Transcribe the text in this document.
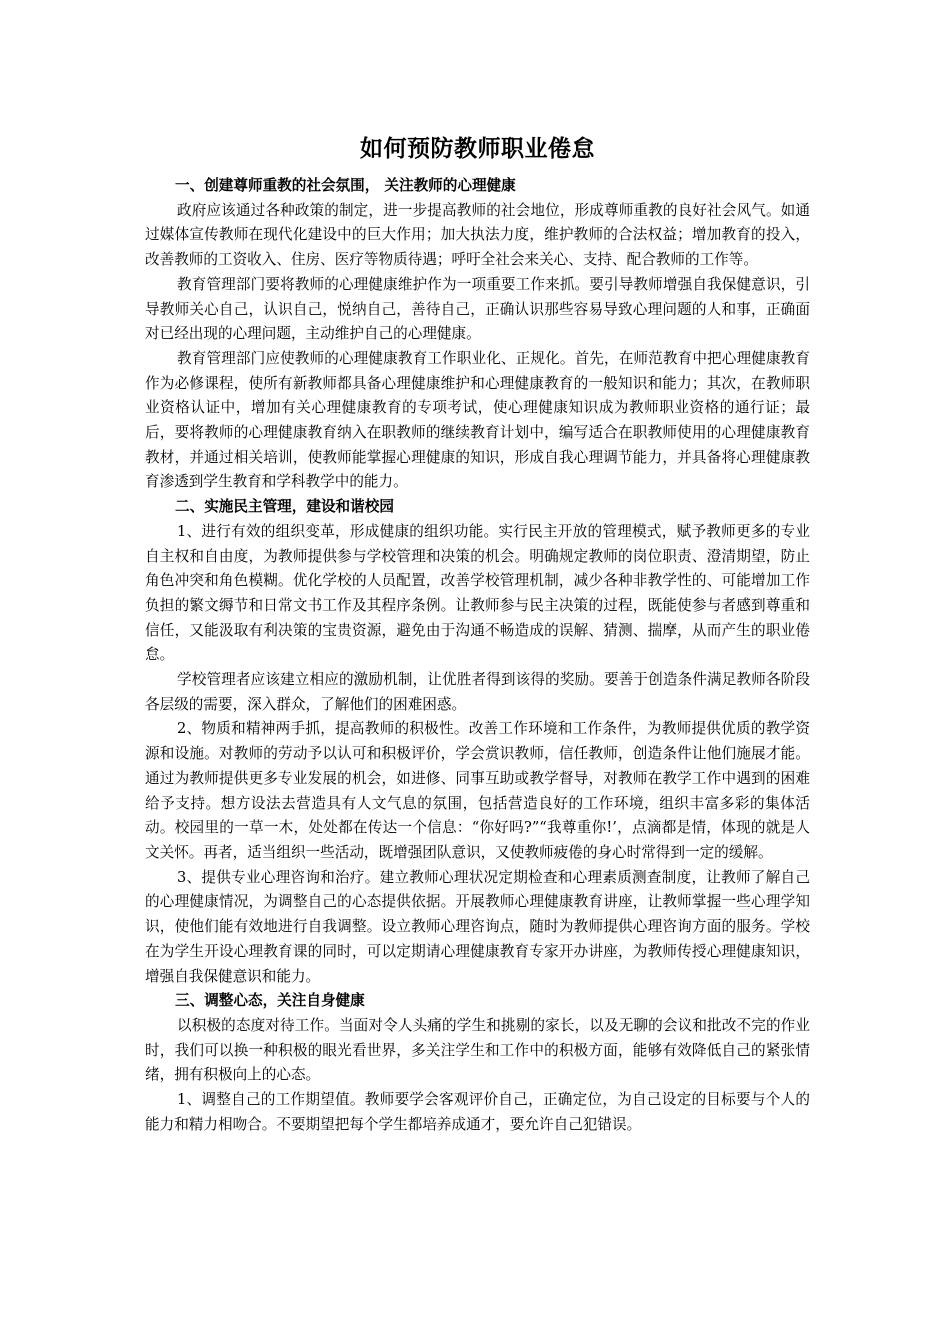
如何预防教师职业倦怠

一、创建尊师重教的社会氛围， 关注教师的心理健康

政府应该通过各种政策的制定，进一步提高教师的社会地位，形成尊师重教的良好社会风气。如通过媒体宣传教师在现代化建设中的巨大作用；加大执法力度，维护教师的合法权益；增加教育的投入，改善教师的工资收入、住房、医疗等物质待遇；呼吁全社会来关心、支持、配合教师的工作等。

教育管理部门要将教师的心理健康维护作为一项重要工作来抓。要引导教师增强自我保健意识，引导教师关心自己，认识自己，悦纳自己，善待自己，正确认识那些容易导致心理问题的人和事，正确面对已经出现的心理问题，主动维护自己的心理健康。

教育管理部门应使教师的心理健康教育工作职业化、正规化。首先，在师范教育中把心理健康教育作为必修课程，使所有新教师都具备心理健康维护和心理健康教育的一般知识和能力；其次，在教师职业资格认证中，增加有关心理健康教育的专项考试，使心理健康知识成为教师职业资格的通行证；最后，要将教师的心理健康教育纳入在职教师的继续教育计划中，编写适合在职教师使用的心理健康教育教材，并通过相关培训，使教师能掌握心理健康的知识，形成自我心理调节能力，并具备将心理健康教育渗透到学生教育和学科教学中的能力。

二、实施民主管理，建设和谐校园

1、进行有效的组织变革，形成健康的组织功能。实行民主开放的管理模式，赋予教师更多的专业自主权和自由度，为教师提供参与学校管理和决策的机会。明确规定教师的岗位职责、澄清期望，防止角色冲突和角色模糊。优化学校的人员配置，改善学校管理机制，减少各种非教学性的、可能增加工作负担的繁文缛节和日常文书工作及其程序条例。让教师参与民主决策的过程，既能使参与者感到尊重和信任，又能汲取有利决策的宝贵资源，避免由于沟通不畅造成的误解、猜测、揣摩，从而产生的职业倦怠。

学校管理者应该建立相应的激励机制，让优胜者得到该得的奖励。要善于创造条件满足教师各阶段各层级的需要，深入群众，了解他们的困难困惑。

2、物质和精神两手抓，提高教师的积极性。改善工作环境和工作条件，为教师提供优质的教学资源和设施。对教师的劳动予以认可和积极评价，学会赏识教师，信任教师，创造条件让他们施展才能。通过为教师提供更多专业发展的机会，如进修、同事互助或教学督导，对教师在教学工作中遇到的困难给予支持。想方设法去营造具有人文气息的氛围，包括营造良好的工作环境，组织丰富多彩的集体活动。校园里的一草一木，处处都在传达一个信息：“你好吗?”“我尊重你!’，点滴都是情，体现的就是人文关怀。再者，适当组织一些活动，既增强团队意识，又使教师疲倦的身心时常得到一定的缓解。

3、提供专业心理咨询和治疗。建立教师心理状况定期检查和心理素质测查制度，让教师了解自己的心理健康情况，为调整自己的心态提供依据。开展教师心理健康教育讲座，让教师掌握一些心理学知识，使他们能有效地进行自我调整。设立教师心理咨询点，随时为教师提供心理咨询方面的服务。学校在为学生开设心理教育课的同时，可以定期请心理健康教育专家开办讲座，为教师传授心理健康知识，增强自我保健意识和能力。

三、调整心态，关注自身健康

以积极的态度对待工作。当面对令人头痛的学生和挑剔的家长，以及无聊的会议和批改不完的作业时，我们可以换一种积极的眼光看世界，多关注学生和工作中的积极方面，能够有效降低自己的紧张情绪，拥有积极向上的心态。

1、调整自己的工作期望值。教师要学会客观评价自己，正确定位，为自己设定的目标要与个人的能力和精力相吻合。不要期望把每个学生都培养成通才，要允许自己犯错误。
